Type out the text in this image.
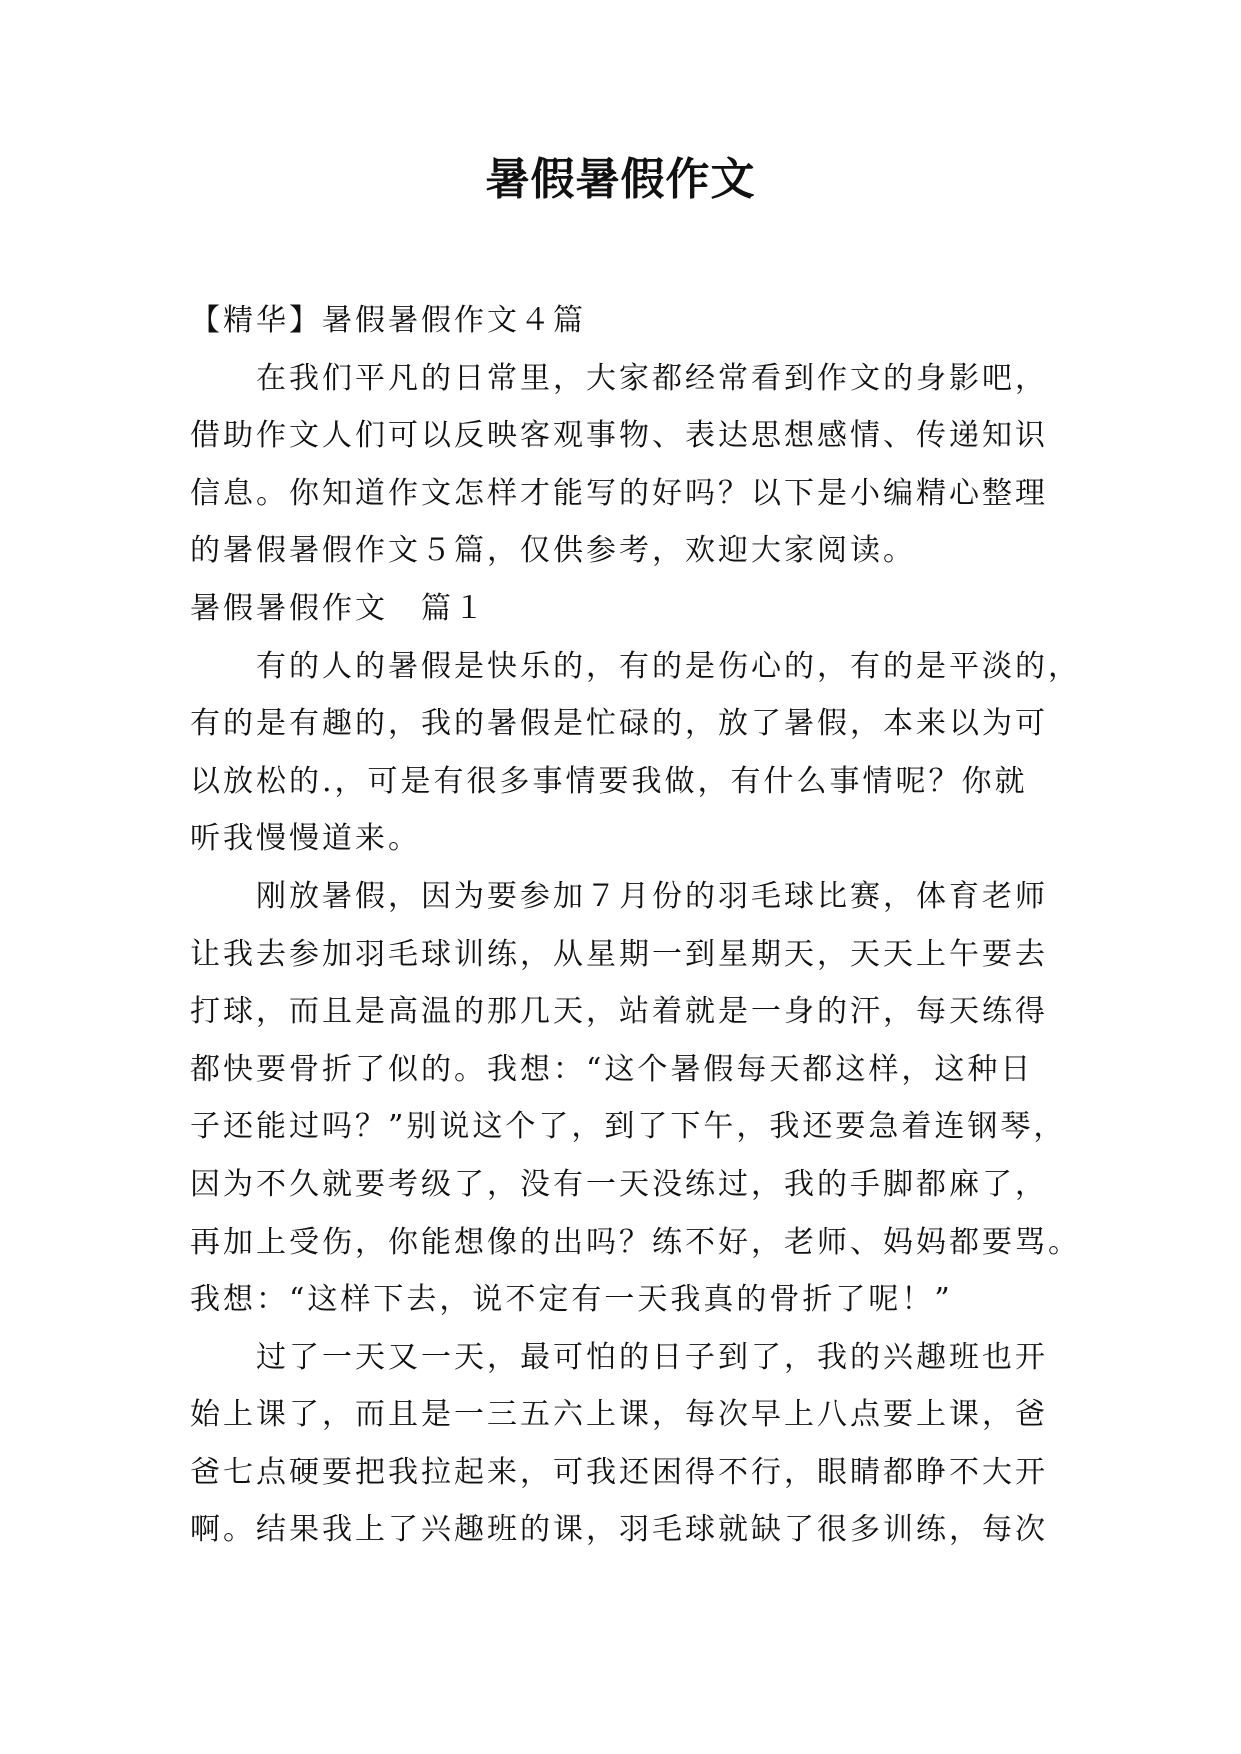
暑假暑假作文
【精华】暑假暑假作文４篇
在我们平凡的日常里，大家都经常看到作文的身影吧，
借助作文人们可以反映客观事物、表达思想感情、传递知识
信息。你知道作文怎样才能写的好吗？以下是小编精心整理
的暑假暑假作文５篇，仅供参考，欢迎大家阅读。
暑假暑假作文　篇１
有的人的暑假是快乐的，有的是伤心的，有的是平淡的，
有的是有趣的，我的暑假是忙碌的，放了暑假，本来以为可
以放松的.，可是有很多事情要我做，有什么事情呢？你就
听我慢慢道来。
刚放暑假，因为要参加７月份的羽毛球比赛，体育老师
让我去参加羽毛球训练，从星期一到星期天，天天上午要去
打球，而且是高温的那几天，站着就是一身的汗，每天练得
都快要骨折了似的。我想：“这个暑假每天都这样，这种日
子还能过吗？”别说这个了，到了下午，我还要急着连钢琴，
因为不久就要考级了，没有一天没练过，我的手脚都麻了，
再加上受伤，你能想像的出吗？练不好，老师、妈妈都要骂。
我想：“这样下去，说不定有一天我真的骨折了呢！”
过了一天又一天，最可怕的日子到了，我的兴趣班也开
始上课了，而且是一三五六上课，每次早上八点要上课，爸
爸七点硬要把我拉起来，可我还困得不行，眼睛都睁不大开
啊。结果我上了兴趣班的课，羽毛球就缺了很多训练，每次
